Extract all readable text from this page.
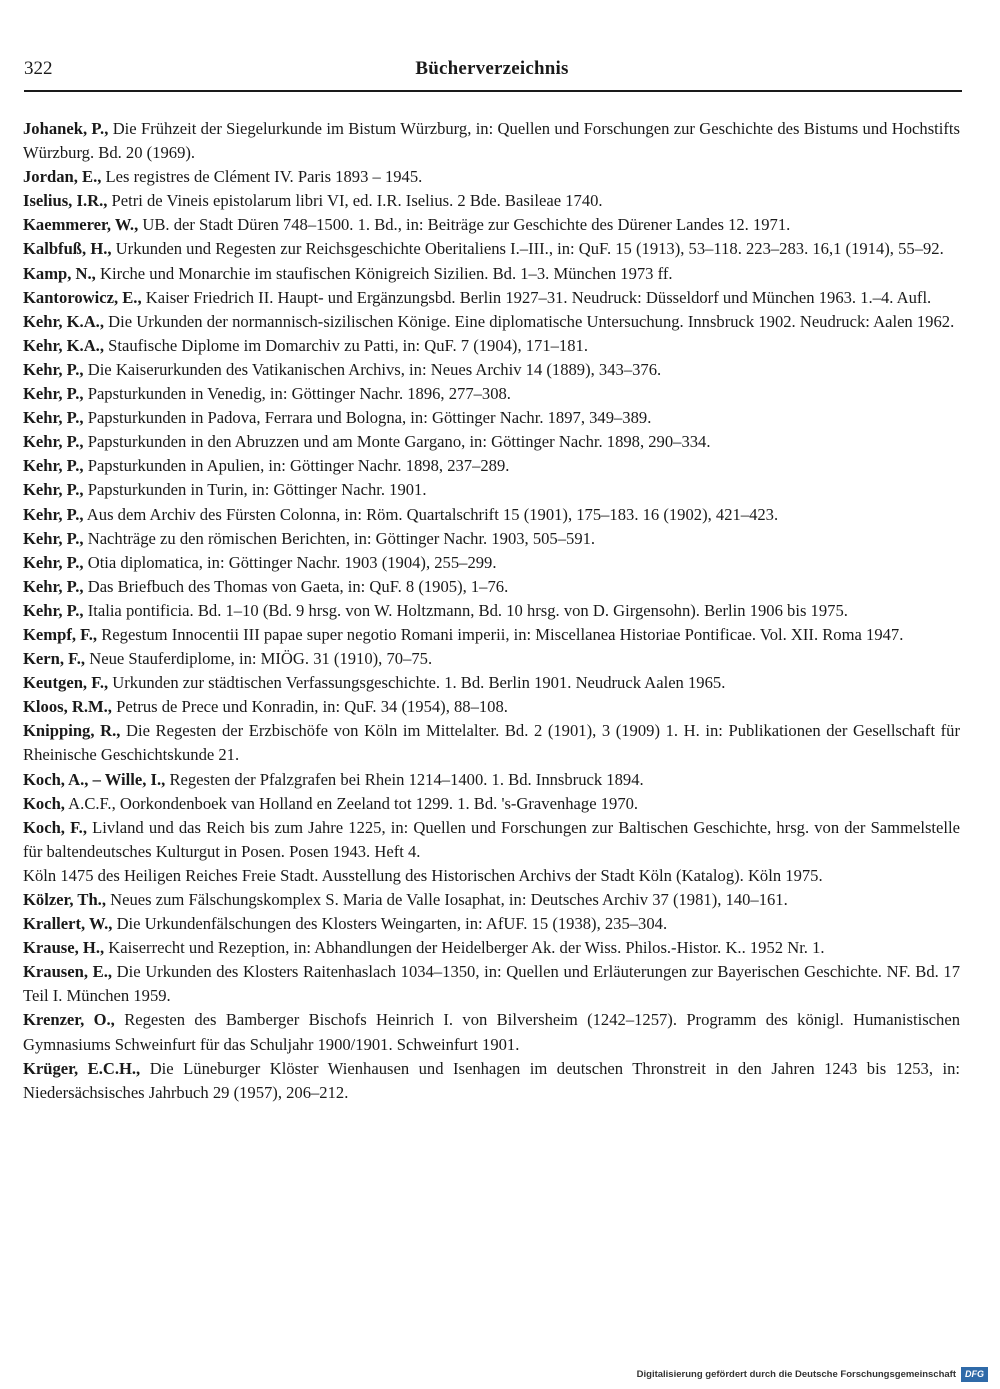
322	Bücherverzeichnis

Johanek, P., Die Frühzeit der Siegelurkunde im Bistum Würzburg, in: Quellen und Forschungen zur Geschichte des Bistums und Hochstifts Würzburg. Bd. 20 (1969).

Jordan, E., Les registres de Clément IV. Paris 1893 – 1945.

Iselius, I.R., Petri de Vineis epistolarum libri VI, ed. I.R. Iselius. 2 Bde. Basileae 1740.

Kaemmerer, W., UB. der Stadt Düren 748–1500. 1. Bd., in: Beiträge zur Geschichte des Dürener Landes 12. 1971.

Kalbfuß, H., Urkunden und Regesten zur Reichsgeschichte Oberitaliens I.–III., in: QuF. 15 (1913), 53–118. 223–283. 16,1 (1914), 55–92.

Kamp, N., Kirche und Monarchie im staufischen Königreich Sizilien. Bd. 1–3. München 1973 ff.

Kantorowicz, E., Kaiser Friedrich II. Haupt- und Ergänzungsbd. Berlin 1927–31. Neudruck: Düsseldorf und München 1963. 1.–4. Aufl.

Kehr, K.A., Die Urkunden der normannisch-sizilischen Könige. Eine diplomatische Untersuchung. Innsbruck 1902. Neudruck: Aalen 1962.

Kehr, K.A., Staufische Diplome im Domarchiv zu Patti, in: QuF. 7 (1904), 171–181.

Kehr, P., Die Kaiserurkunden des Vatikanischen Archivs, in: Neues Archiv 14 (1889), 343–376.

Kehr, P., Papsturkunden in Venedig, in: Göttinger Nachr. 1896, 277–308.

Kehr, P., Papsturkunden in Padova, Ferrara und Bologna, in: Göttinger Nachr. 1897, 349–389.

Kehr, P., Papsturkunden in den Abruzzen und am Monte Gargano, in: Göttinger Nachr. 1898, 290–334.

Kehr, P., Papsturkunden in Apulien, in: Göttinger Nachr. 1898, 237–289.

Kehr, P., Papsturkunden in Turin, in: Göttinger Nachr. 1901.

Kehr, P., Aus dem Archiv des Fürsten Colonna, in: Röm. Quartalschrift 15 (1901), 175–183. 16 (1902), 421–423.

Kehr, P., Nachträge zu den römischen Berichten, in: Göttinger Nachr. 1903, 505–591.

Kehr, P., Otia diplomatica, in: Göttinger Nachr. 1903 (1904), 255–299.

Kehr, P., Das Briefbuch des Thomas von Gaeta, in: QuF. 8 (1905), 1–76.

Kehr, P., Italia pontificia. Bd. 1–10 (Bd. 9 hrsg. von W. Holtzmann, Bd. 10 hrsg. von D. Girgensohn). Berlin 1906 bis 1975.

Kempf, F., Regestum Innocentii III papae super negotio Romani imperii, in: Miscellanea Historiae Pontificae. Vol. XII. Roma 1947.

Kern, F., Neue Stauferdiplome, in: MIÖG. 31 (1910), 70–75.

Keutgen, F., Urkunden zur städtischen Verfassungsgeschichte. 1. Bd. Berlin 1901. Neudruck Aalen 1965.

Kloos, R.M., Petrus de Prece und Konradin, in: QuF. 34 (1954), 88–108.

Knipping, R., Die Regesten der Erzbischöfe von Köln im Mittelalter. Bd. 2 (1901), 3 (1909) 1. H. in: Publikationen der Gesellschaft für Rheinische Geschichtskunde 21.

Koch, A., – Wille, I., Regesten der Pfalzgrafen bei Rhein 1214–1400. 1. Bd. Innsbruck 1894.

Koch, A.C.F., Oorkondenboek van Holland en Zeeland tot 1299. 1. Bd. 's-Gravenhage 1970.

Koch, F., Livland und das Reich bis zum Jahre 1225, in: Quellen und Forschungen zur Baltischen Geschichte, hrsg. von der Sammelstelle für baltendeutsches Kulturgut in Posen. Posen 1943. Heft 4.

Köln 1475 des Heiligen Reiches Freie Stadt. Ausstellung des Historischen Archivs der Stadt Köln (Katalog). Köln 1975.

Kölzer, Th., Neues zum Fälschungskomplex S. Maria de Valle Iosaphat, in: Deutsches Archiv 37 (1981), 140–161.

Krallert, W., Die Urkundenfälschungen des Klosters Weingarten, in: AfUF. 15 (1938), 235–304.

Krause, H., Kaiserrecht und Rezeption, in: Abhandlungen der Heidelberger Ak. der Wiss. Philos.-Histor. K.. 1952 Nr. 1.

Krausen, E., Die Urkunden des Klosters Raitenhaslach 1034–1350, in: Quellen und Erläuterungen zur Bayerischen Geschichte. NF. Bd. 17 Teil I. München 1959.

Krenzer, O., Regesten des Bamberger Bischofs Heinrich I. von Bilversheim (1242–1257). Programm des königl. Humanistischen Gymnasiums Schweinfurt für das Schuljahr 1900/1901. Schweinfurt 1901.

Krüger, E.C.H., Die Lüneburger Klöster Wienhausen und Isenhagen im deutschen Thronstreit in den Jahren 1243 bis 1253, in: Niedersächsisches Jahrbuch 29 (1957), 206–212.

Digitalisierung gefördert durch die Deutsche Forschungsgemeinschaft	DFG
